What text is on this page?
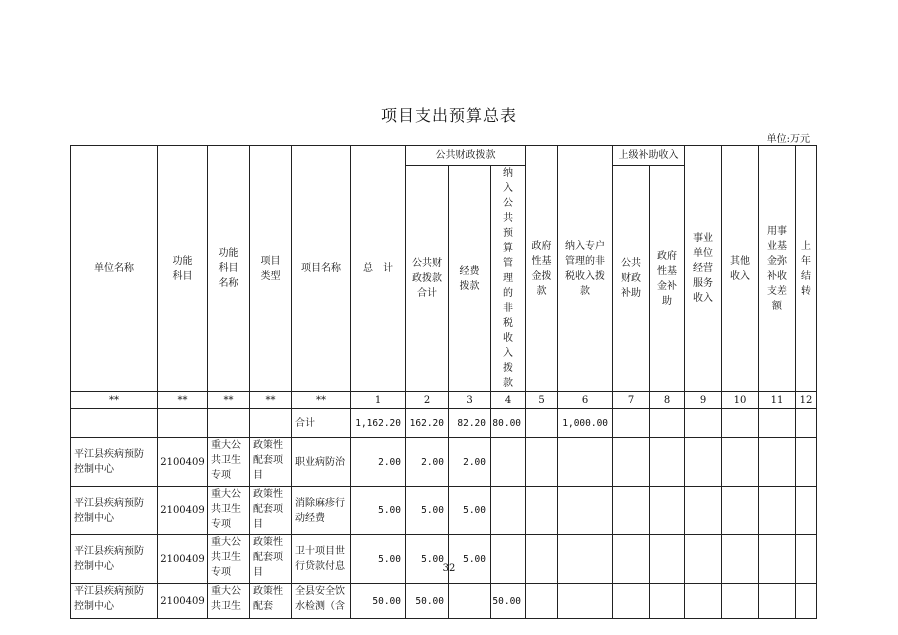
项目支出预算总表
单位:万元
单位名称	功能科目	功能科目名称	项目类型	项目名称	总　计	公共财政拨款			政府性基金拨款	纳入专户管理的非税收入拨款	上级补助收入		事业单位经营服务收入	其他收入	用事业基金弥补收支差额	上年结转
						公共财政拨款合计	经费拨款	纳入公共预算管理的非税收入拨款			公共财政补助	政府性基金补助				
**	**	**	**	**	1	2	3	4	5	6	7	8	9	10	11	12
				合计	1,162.20	162.20	82.20	80.00		1,000.00						
平江县疾病预防控制中心	2100409	重大公共卫生专项	政策性配套项目	职业病防治	2.00	2.00	2.00									
平江县疾病预防控制中心	2100409	重大公共卫生专项	政策性配套项目	消除麻疹行动经费	5.00	5.00	5.00									
平江县疾病预防控制中心	2100409	重大公共卫生专项	政策性配套项目	卫十项目世行贷款付息	5.00	5.00	5.00									
平江县疾病预防控制中心	2100409	重大公共卫生	政策性配套	全县安全饮水检测（含	50.00	50.00		50.00								
32
